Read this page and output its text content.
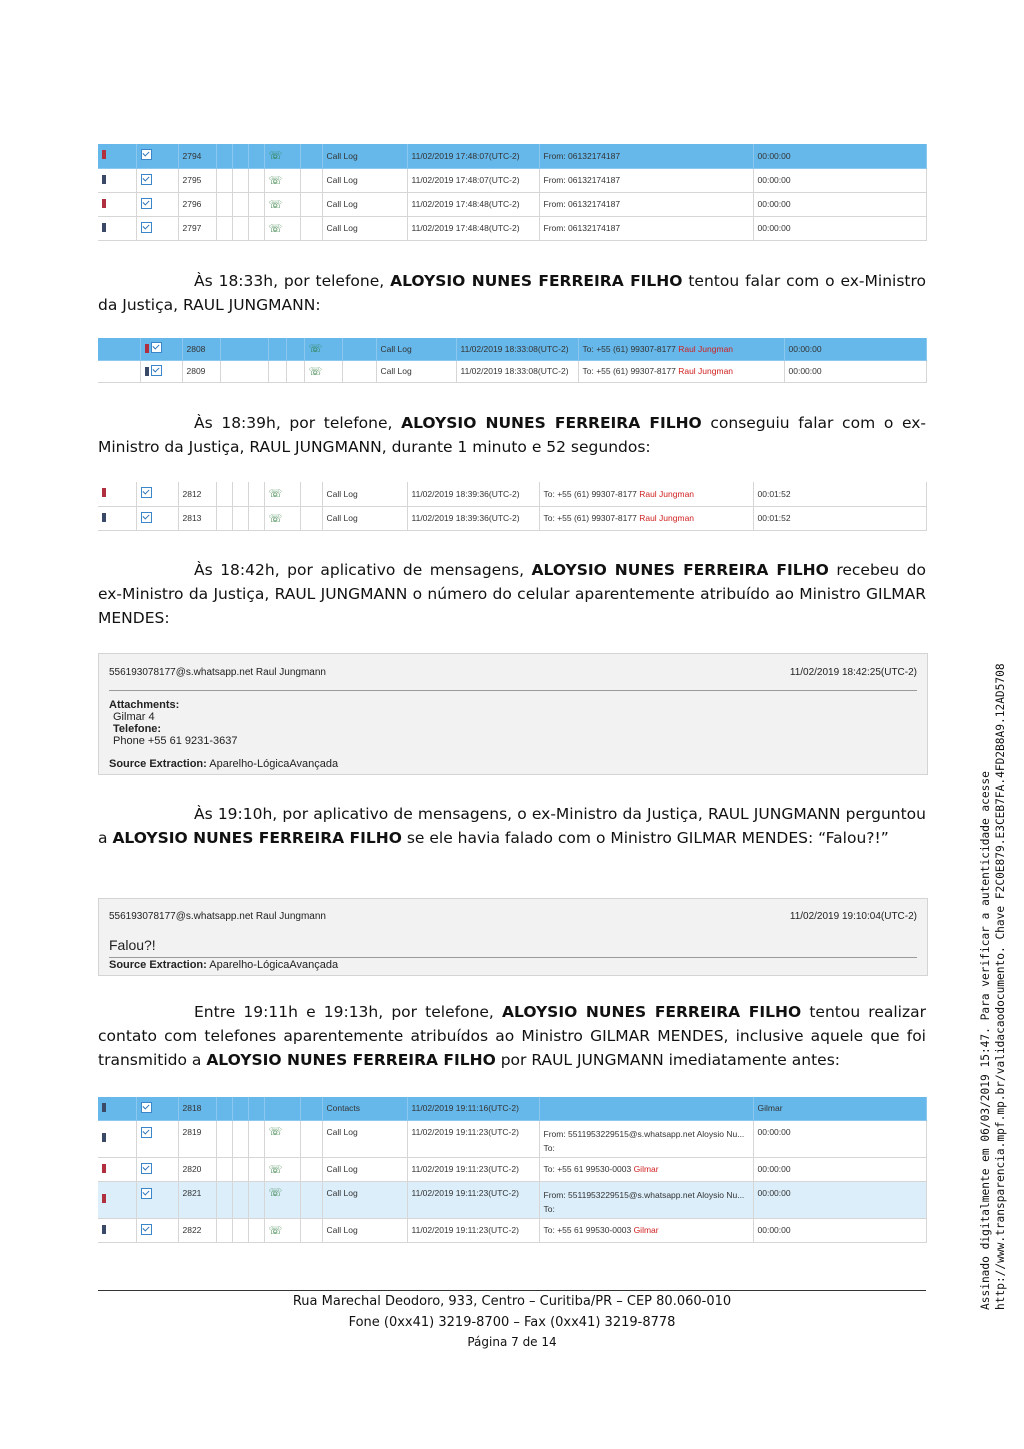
		2794				☏		Call Log	11/02/2019 17:48:07(UTC-2)	From: 06132174187	00:00:00
		2795				☏		Call Log	11/02/2019 17:48:07(UTC-2)	From: 06132174187	00:00:00
		2796				☏		Call Log	11/02/2019 17:48:48(UTC-2)	From: 06132174187	00:00:00
		2797				☏		Call Log	11/02/2019 17:48:48(UTC-2)	From: 06132174187	00:00:00

Às 18:33h, por telefone, ALOYSIO NUNES FERREIRA FILHO tentou falar com o ex-Ministro da Justiça, RAUL JUNGMANN:

		2808				☏		Call Log	11/02/2019 18:33:08(UTC-2)	To: +55 (61) 99307-8177 Raul Jungman	00:00:00
		2809				☏		Call Log	11/02/2019 18:33:08(UTC-2)	To: +55 (61) 99307-8177 Raul Jungman	00:00:00

Às 18:39h, por telefone, ALOYSIO NUNES FERREIRA FILHO conseguiu falar com o ex-Ministro da Justiça, RAUL JUNGMANN, durante 1 minuto e 52 segundos:

		2812				☏		Call Log	11/02/2019 18:39:36(UTC-2)	To: +55 (61) 99307-8177 Raul Jungman	00:01:52
		2813				☏		Call Log	11/02/2019 18:39:36(UTC-2)	To: +55 (61) 99307-8177 Raul Jungman	00:01:52

Às 18:42h, por aplicativo de mensagens, ALOYSIO NUNES FERREIRA FILHO recebeu do ex-Ministro da Justiça, RAUL JUNGMANN o número do celular aparentemente atribuído ao Ministro GILMAR MENDES:

556193078177@s.whatsapp.net Raul Jungmann	11/02/2019 18:42:25(UTC-2)
Attachments:
Gilmar 4
Telefone:
Phone +55 61 9231-3637
Source Extraction: Aparelho-LógicaAvançada

Às 19:10h, por aplicativo de mensagens, o ex-Ministro da Justiça, RAUL JUNGMANN perguntou a ALOYSIO NUNES FERREIRA FILHO se ele havia falado com o Ministro GILMAR MENDES: “Falou?!”

556193078177@s.whatsapp.net Raul Jungmann	11/02/2019 19:10:04(UTC-2)
Falou?!
Source Extraction: Aparelho-LógicaAvançada

Entre 19:11h e 19:13h, por telefone, ALOYSIO NUNES FERREIRA FILHO tentou realizar contato com telefones aparentemente atribuídos ao Ministro GILMAR MENDES, inclusive aquele que foi transmitido a ALOYSIO NUNES FERREIRA FILHO por RAUL JUNGMANN imediatamente antes:

		2818						Contacts	11/02/2019 19:11:16(UTC-2)		Gilmar
		2819				☏		Call Log	11/02/2019 19:11:23(UTC-2)	From: 5511953229515@s.whatsapp.net Aloysio Nu...
To:	00:00:00
		2820				☏		Call Log	11/02/2019 19:11:23(UTC-2)	To: +55 61 99530-0003 Gilmar	00:00:00
		2821				☏		Call Log	11/02/2019 19:11:23(UTC-2)	From: 5511953229515@s.whatsapp.net Aloysio Nu...
To:	00:00:00
		2822				☏		Call Log	11/02/2019 19:11:23(UTC-2)	To: +55 61 99530-0003 Gilmar	00:00:00

Rua Marechal Deodoro, 933, Centro – Curitiba/PR – CEP 80.060-010

Fone (0xx41) 3219-8700 – Fax (0xx41) 3219-8778

Página 7 de 14

Assinado digitalmente em 06/03/2019 15:47. Para verificar a autenticidade acesse http://www.transparencia.mpf.mp.br/validacaodocumento. Chave F2C0E879.E3CEB7FA.4FD2B8A9.12AD5708
